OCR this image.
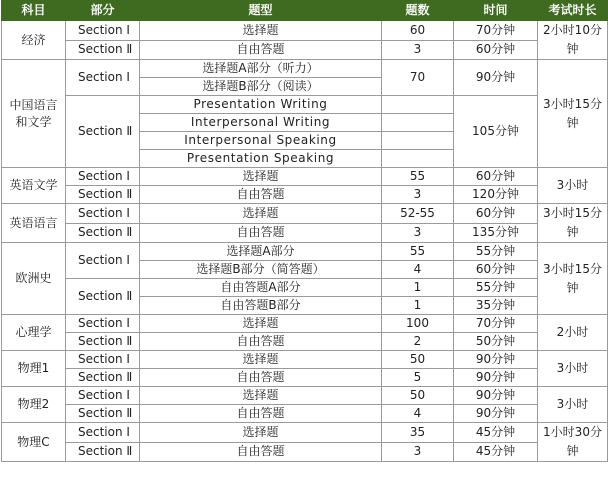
科目	部分	题型	题数	时间	考试时长
经济	Section Ⅰ	选择题	60	70分钟	2小时10分钟
	Section Ⅱ	自由答题	3	60分钟	
中国语言和文学	Section Ⅰ	选择题A部分（听力）	70	90分钟	3小时15分钟
		选择题B部分（阅读）			
	Section Ⅱ	Presentation Writing		105分钟	
		Interpersonal Writing			
		Interpersonal Speaking			
		Presentation Speaking			
英语文学	Section Ⅰ	选择题	55	60分钟	3小时
	Section Ⅱ	自由答题	3	120分钟	
英语语言	Section Ⅰ	选择题	52-55	60分钟	3小时15分钟
	Section Ⅱ	自由答题	3	135分钟	
欧洲史	Section Ⅰ	选择题A部分	55	55分钟	3小时15分钟
		选择题B部分（简答题）	4	60分钟	
	Section Ⅱ	自由答题A部分	1	55分钟	
		自由答题B部分	1	35分钟	
心理学	Section Ⅰ	选择题	100	70分钟	2小时
	Section Ⅱ	自由答题	2	50分钟	
物理1	Section Ⅰ	选择题	50	90分钟	3小时
	Section Ⅱ	自由答题	5	90分钟	
物理2	Section Ⅰ	选择题	50	90分钟	3小时
	Section Ⅱ	自由答题	4	90分钟	
物理C	Section Ⅰ	选择题	35	45分钟	1小时30分钟
	Section Ⅱ	自由答题	3	45分钟	
